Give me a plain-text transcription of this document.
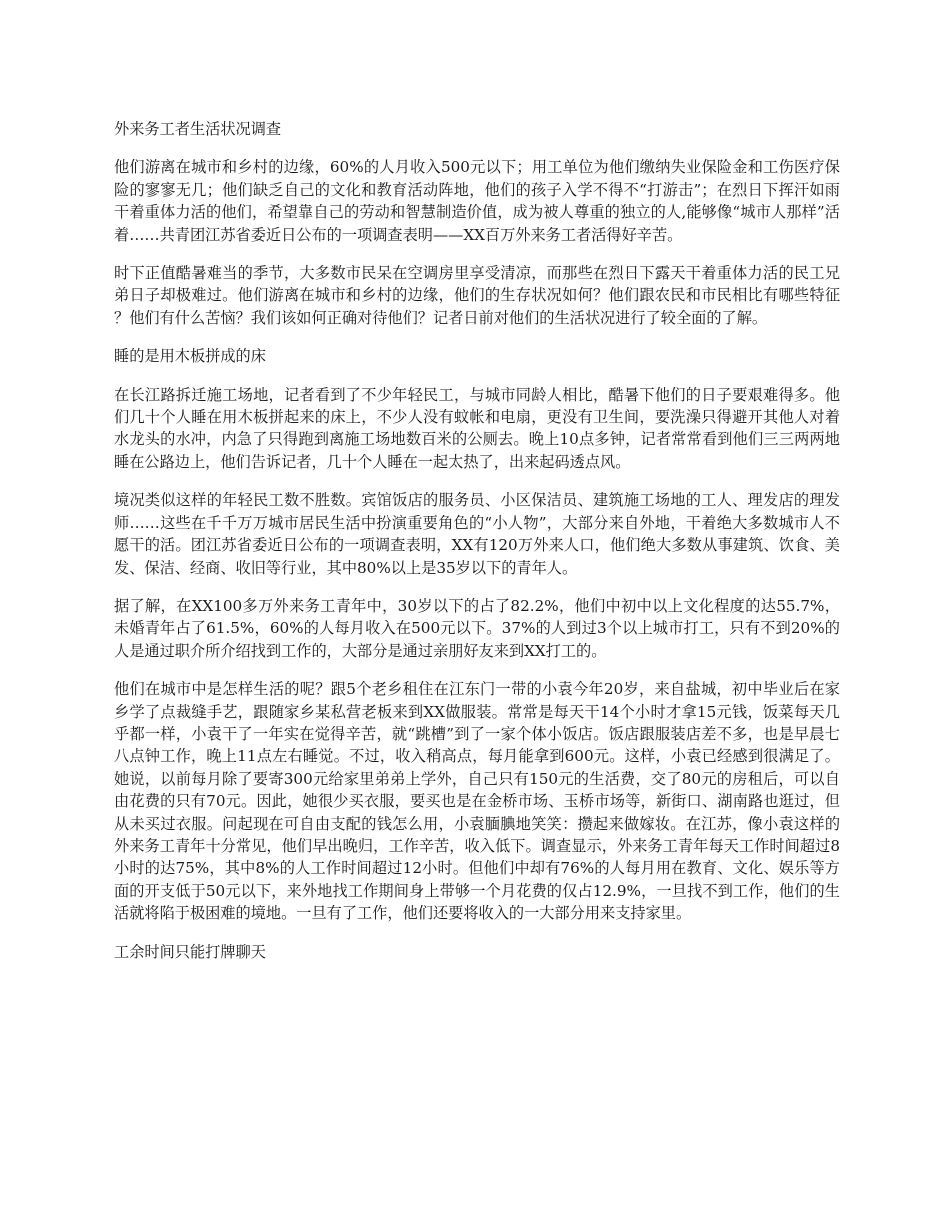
外来务工者生活状况调查

他们游离在城市和乡村的边缘，60%的人月收入500元以下；用工单位为他们缴纳失业保险金和工伤医疗保险的寥寥无几；他们缺乏自己的文化和教育活动阵地，他们的孩子入学不得不“打游击”；在烈日下挥汗如雨干着重体力活的他们，希望靠自己的劳动和智慧制造价值，成为被人尊重的独立的人,能够像“城市人那样”活着……共青团江苏省委近日公布的一项调查表明——XX百万外来务工者活得好辛苦。

时下正值酷暑难当的季节，大多数市民呆在空调房里享受清凉，而那些在烈日下露天干着重体力活的民工兄弟日子却极难过。他们游离在城市和乡村的边缘，他们的生存状况如何？他们跟农民和市民相比有哪些特征？他们有什么苦恼？我们该如何正确对待他们？记者日前对他们的生活状况进行了较全面的了解。

睡的是用木板拼成的床

在长江路拆迁施工场地，记者看到了不少年轻民工，与城市同龄人相比，酷暑下他们的日子要艰难得多。他们几十个人睡在用木板拼起来的床上，不少人没有蚊帐和电扇，更没有卫生间，要洗澡只得避开其他人对着水龙头的水冲，内急了只得跑到离施工场地数百米的公厕去。晚上10点多钟，记者常常看到他们三三两两地睡在公路边上，他们告诉记者，几十个人睡在一起太热了，出来起码透点风。

境况类似这样的年轻民工数不胜数。宾馆饭店的服务员、小区保洁员、建筑施工场地的工人、理发店的理发师……这些在千千万万城市居民生活中扮演重要角色的“小人物”，大部分来自外地，干着绝大多数城市人不愿干的活。团江苏省委近日公布的一项调查表明，XX有120万外来人口，他们绝大多数从事建筑、饮食、美发、保洁、经商、收旧等行业，其中80%以上是35岁以下的青年人。

据了解，在XX100多万外来务工青年中，30岁以下的占了82.2%，他们中初中以上文化程度的达55.7%，未婚青年占了61.5%，60%的人每月收入在500元以下。37%的人到过3个以上城市打工，只有不到20%的人是通过职介所介绍找到工作的，大部分是通过亲朋好友来到XX打工的。

他们在城市中是怎样生活的呢？跟5个老乡租住在江东门一带的小袁今年20岁，来自盐城，初中毕业后在家乡学了点裁缝手艺，跟随家乡某私营老板来到XX做服装。常常是每天干14个小时才拿15元钱，饭菜每天几乎都一样，小袁干了一年实在觉得辛苦，就“跳槽”到了一家个体小饭店。饭店跟服装店差不多，也是早晨七八点钟工作，晚上11点左右睡觉。不过，收入稍高点，每月能拿到600元。这样，小袁已经感到很满足了。她说，以前每月除了要寄300元给家里弟弟上学外，自己只有150元的生活费，交了80元的房租后，可以自由花费的只有70元。因此，她很少买衣服，要买也是在金桥市场、玉桥市场等，新街口、湖南路也逛过，但从未买过衣服。问起现在可自由支配的钱怎么用，小袁腼腆地笑笑：攒起来做嫁妆。在江苏，像小袁这样的外来务工青年十分常见，他们早出晚归，工作辛苦，收入低下。调查显示，外来务工青年每天工作时间超过8小时的达75%，其中8%的人工作时间超过12小时。但他们中却有76%的人每月用在教育、文化、娱乐等方面的开支低于50元以下，来外地找工作期间身上带够一个月花费的仅占12.9%，一旦找不到工作，他们的生活就将陷于极困难的境地。一旦有了工作，他们还要将收入的一大部分用来支持家里。

工余时间只能打牌聊天
